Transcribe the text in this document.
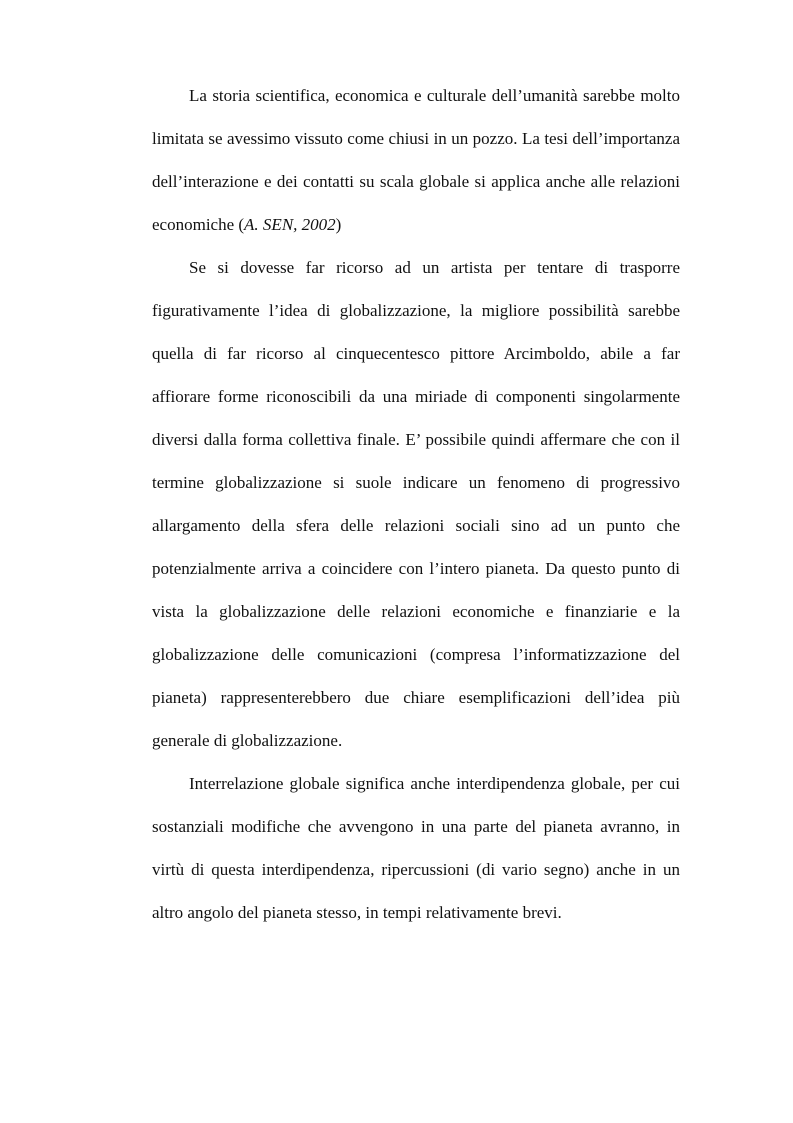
La storia scientifica, economica e culturale dell’umanità sarebbe molto limitata se avessimo vissuto come chiusi in un pozzo. La tesi dell’importanza dell’interazione e dei contatti su scala globale si applica anche alle relazioni economiche (A. SEN, 2002)

Se si dovesse far ricorso ad un artista per tentare di trasporre figurativamente l’idea di globalizzazione, la migliore possibilità sarebbe quella di far ricorso al cinquecentesco pittore Arcimboldo, abile a far affiorare forme riconoscibili da una miriade di componenti singolarmente diversi dalla forma collettiva finale. E’ possibile quindi affermare che con il termine globalizzazione si suole indicare un fenomeno di progressivo allargamento della sfera delle relazioni sociali sino ad un punto che potenzialmente arriva a coincidere con l’intero pianeta. Da questo punto di vista la globalizzazione delle relazioni economiche e finanziarie e la globalizzazione delle comunicazioni (compresa l’informatizzazione del pianeta) rappresenterebbero due chiare esemplificazioni dell’idea più generale di globalizzazione.

Interrelazione globale significa anche interdipendenza globale, per cui sostanziali modifiche che avvengono in una parte del pianeta avranno, in virtù di questa interdipendenza, ripercussioni (di vario segno) anche in un altro angolo del pianeta stesso, in tempi relativamente brevi.
